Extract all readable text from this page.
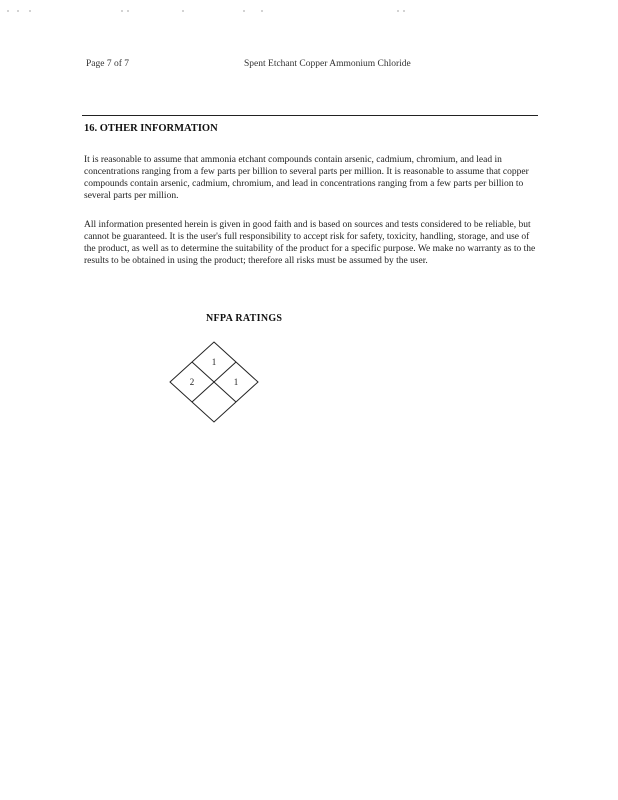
Page 7 of 7	Spent Etchant Copper Ammonium Chloride
16. OTHER INFORMATION

It is reasonable to assume that ammonia etchant compounds contain arsenic, cadmium, chromium, and lead in concentrations ranging from a few parts per billion to several parts per million. It is reasonable to assume that copper compounds contain arsenic, cadmium, chromium, and lead in concentrations ranging from a few parts per billion to several parts per million.

All information presented herein is given in good faith and is based on sources and tests considered to be reliable, but cannot be guaranteed. It is the user's full responsibility to accept risk for safety, toxicity, handling, storage, and use of the product, as well as to determine the suitability of the product for a specific purpose. We make no warranty as to the results to be obtained in using the product; therefore all risks must be assumed by the user.

NFPA RATINGS
1
2	1
